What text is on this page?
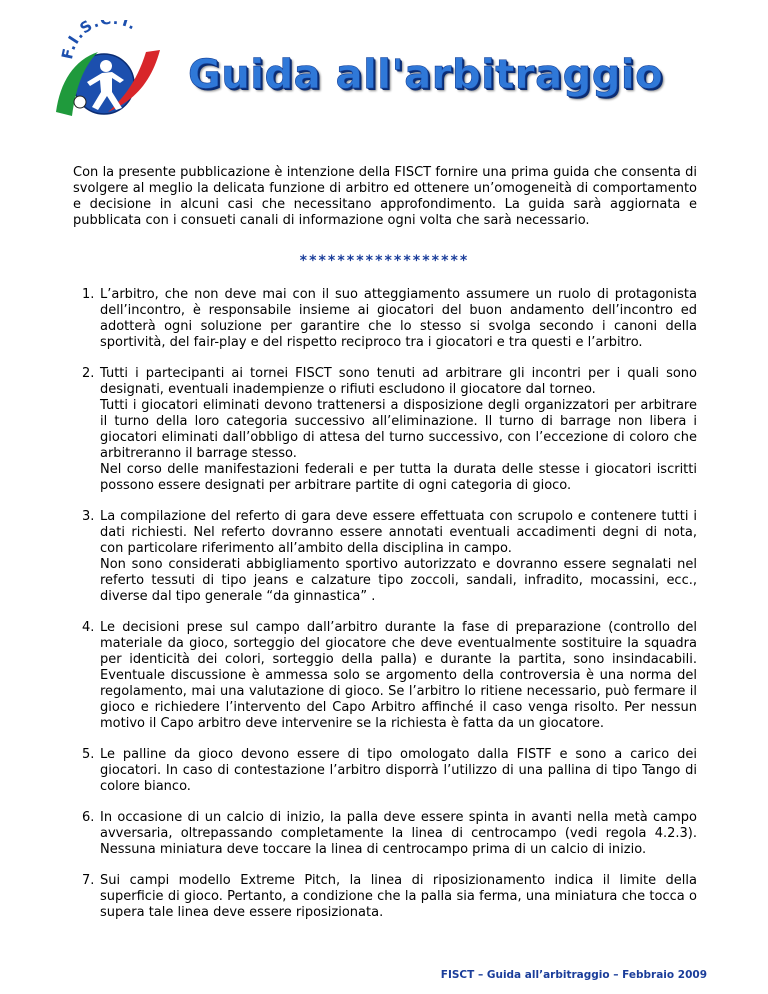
F.I.S. T.
Guida all'arbitraggio

Con la presente pubblicazione è intenzione della FISCT fornire una prima guida che consenta di svolgere al meglio la delicata funzione di arbitro ed ottenere un’omogeneità di comportamento e decisione in alcuni casi che necessitano approfondimento. La guida sarà aggiornata e pubblicata con i consueti canali di informazione ogni volta che sarà necessario.

******************
1. L’arbitro, che non deve mai con il suo atteggiamento assumere un ruolo di protagonista dell’incontro, è responsabile insieme ai giocatori del buon andamento dell’incontro ed adotterà ogni soluzione per garantire che lo stesso si svolga secondo i canoni della sportività, del fair-play e del rispetto reciproco tra i giocatori e tra questi e l’arbitro.
2. Tutti i partecipanti ai tornei FISCT sono tenuti ad arbitrare gli incontri per i quali sono designati, eventuali inadempienze o rifiuti escludono il giocatore dal torneo.
Tutti i giocatori eliminati devono trattenersi a disposizione degli organizzatori per arbitrare il turno della loro categoria successivo all’eliminazione. Il turno di barrage non libera i giocatori eliminati dall’obbligo di attesa del turno successivo, con l’eccezione di coloro che arbitreranno il barrage stesso.
Nel corso delle manifestazioni federali e per tutta la durata delle stesse i giocatori iscritti possono essere designati per arbitrare partite di ogni categoria di gioco.
3. La compilazione del referto di gara deve essere effettuata con scrupolo e contenere tutti i dati richiesti. Nel referto dovranno essere annotati eventuali accadimenti degni di nota, con particolare riferimento all’ambito della disciplina in campo.
Non sono considerati abbigliamento sportivo autorizzato e dovranno essere segnalati nel referto tessuti di tipo jeans e calzature tipo zoccoli, sandali, infradito, mocassini, ecc., diverse dal tipo generale “da ginnastica” .
4. Le decisioni prese sul campo dall’arbitro durante la fase di preparazione (controllo del materiale da gioco, sorteggio del giocatore che deve eventualmente sostituire la squadra per identicità dei colori, sorteggio della palla) e durante la partita, sono insindacabili. Eventuale discussione è ammessa solo se argomento della controversia è una norma del regolamento, mai una valutazione di gioco. Se l’arbitro lo ritiene necessario, può fermare il gioco e richiedere l’intervento del Capo Arbitro affinché il caso venga risolto. Per nessun motivo il Capo arbitro deve intervenire se la richiesta è fatta da un giocatore.
5. Le palline da gioco devono essere di tipo omologato dalla FISTF e sono a carico dei giocatori. In caso di contestazione l’arbitro disporrà l’utilizzo di una pallina di tipo Tango di colore bianco.
6. In occasione di un calcio di inizio, la palla deve essere spinta in avanti nella metà campo avversaria, oltrepassando completamente la linea di centrocampo (vedi regola 4.2.3). Nessuna miniatura deve toccare la linea di centrocampo prima di un calcio di inizio.
7. Sui campi modello Extreme Pitch, la linea di riposizionamento indica il limite della superficie di gioco. Pertanto, a condizione che la palla sia ferma, una miniatura che tocca o supera tale linea deve essere riposizionata.
FISCT – Guida all’arbitraggio – Febbraio 2009
